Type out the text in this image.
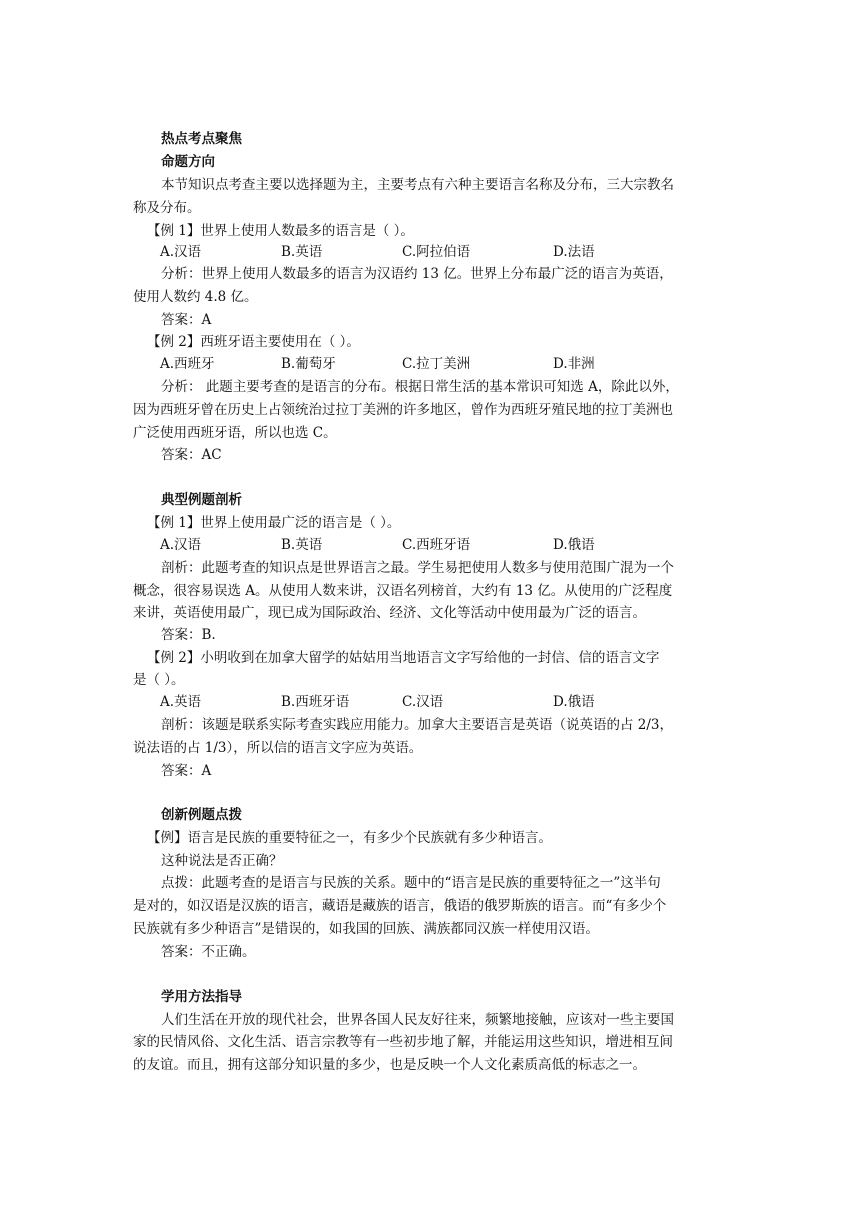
热点考点聚焦
命题方向
本节知识点考查主要以选择题为主，主要考点有六种主要语言名称及分布，三大宗教名
称及分布。
【例 1】世界上使用人数最多的语言是（ ）。
A.汉语	B.英语	C.阿拉伯语	D.法语
分析：世界上使用人数最多的语言为汉语约 13 亿。世界上分布最广泛的语言为英语，
使用人数约 4.8 亿。
答案：A
【例 2】西班牙语主要使用在（ ）。
A.西班牙	B.葡萄牙	C.拉丁美洲	D.非洲
分析： 此题主要考查的是语言的分布。根据日常生活的基本常识可知选 A，除此以外，
因为西班牙曾在历史上占领统治过拉丁美洲的许多地区，曾作为西班牙殖民地的拉丁美洲也
广泛使用西班牙语，所以也选 C。
答案：AC
典型例题剖析
【例 1】世界上使用最广泛的语言是（ ）。
A.汉语	B.英语	C.西班牙语	D.俄语
剖析：此题考查的知识点是世界语言之最。学生易把使用人数多与使用范围广混为一个
概念，很容易误选 A。从使用人数来讲，汉语名列榜首，大约有 13 亿。从使用的广泛程度
来讲，英语使用最广，现已成为国际政治、经济、文化等活动中使用最为广泛的语言。
答案：B.
【例 2】小明收到在加拿大留学的姑姑用当地语言文字写给他的一封信、信的语言文字
是（ ）。
A.英语	B.西班牙语	C.汉语	D.俄语
剖析：该题是联系实际考查实践应用能力。加拿大主要语言是英语（说英语的占 2/3，
说法语的占 1/3），所以信的语言文字应为英语。
答案：A
创新例题点拨
【例】语言是民族的重要特征之一，有多少个民族就有多少种语言。
这种说法是否正确？
点拨：此题考查的是语言与民族的关系。题中的“语言是民族的重要特征之一”这半句
是对的，如汉语是汉族的语言，藏语是藏族的语言，俄语的俄罗斯族的语言。而“有多少个
民族就有多少种语言”是错误的，如我国的回族、满族都同汉族一样使用汉语。
答案：不正确。
学用方法指导
人们生活在开放的现代社会，世界各国人民友好往来，频繁地接触，应该对一些主要国
家的民情风俗、文化生活、语言宗教等有一些初步地了解，并能运用这些知识，增进相互间
的友谊。而且，拥有这部分知识量的多少，也是反映一个人文化素质高低的标志之一。
